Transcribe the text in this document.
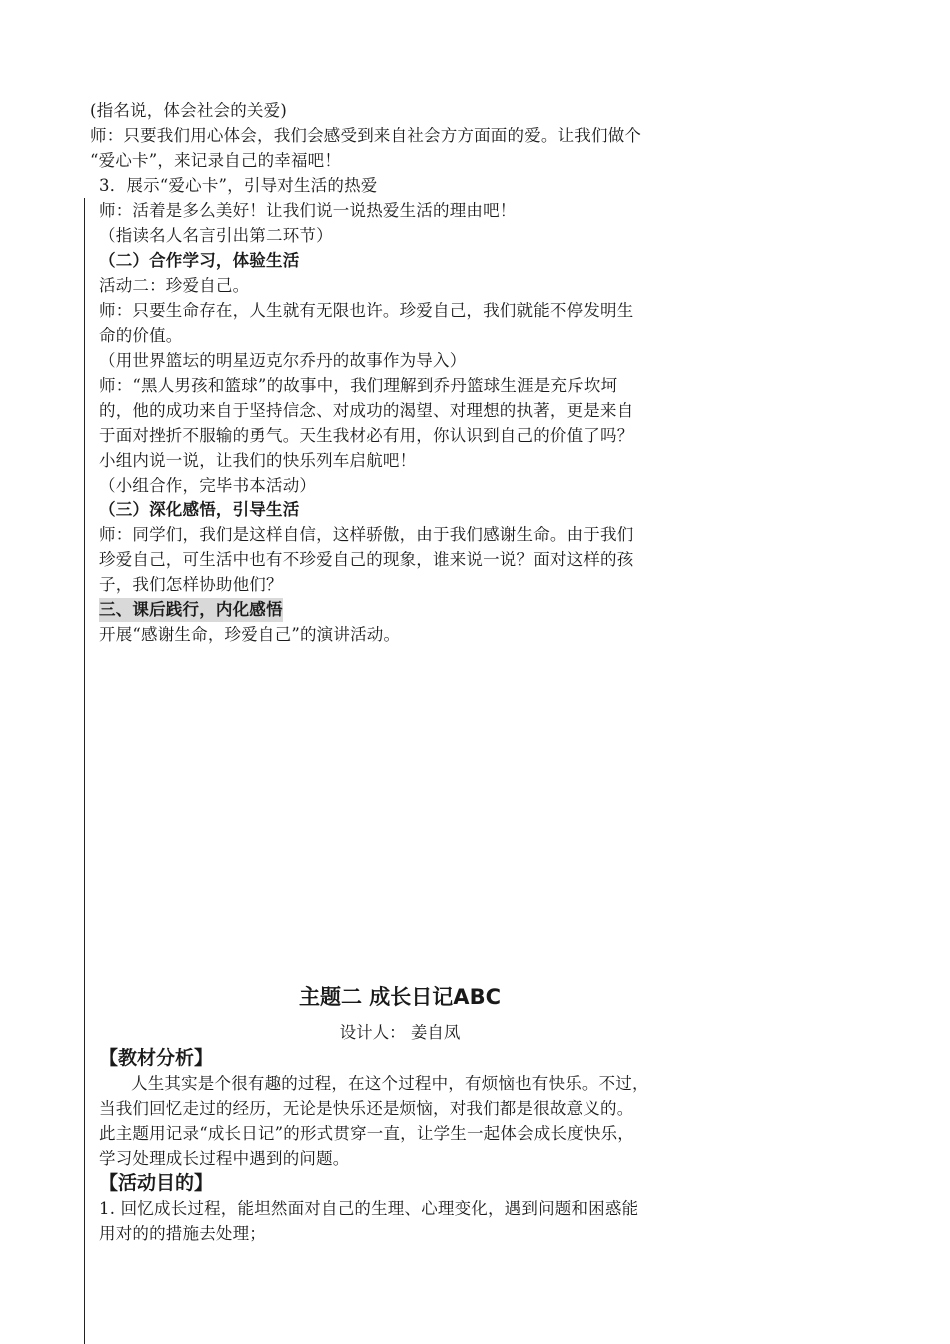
(指名说，体会社会的关爱)
师：只要我们用心体会，我们会感受到来自社会方方面面的爱。让我们做个
“爱心卡”，来记录自己的幸福吧！
3．展示“爱心卡”，引导对生活的热爱
师：活着是多么美好！让我们说一说热爱生活的理由吧！
（指读名人名言引出第二环节）
（二）合作学习，体验生活
活动二：珍爱自己。
师：只要生命存在，人生就有无限也许。珍爱自己，我们就能不停发明生
命的价值。
（用世界篮坛的明星迈克尔乔丹的故事作为导入）
师：“黑人男孩和篮球”的故事中，我们理解到乔丹篮球生涯是充斥坎坷
的，他的成功来自于坚持信念、对成功的渴望、对理想的执著，更是来自
于面对挫折不服输的勇气。天生我材必有用，你认识到自己的价值了吗？
小组内说一说，让我们的快乐列车启航吧！
（小组合作，完毕书本活动）
（三）深化感悟，引导生活
师：同学们，我们是这样自信，这样骄傲，由于我们感谢生命。由于我们
珍爱自己，可生活中也有不珍爱自己的现象，谁来说一说？面对这样的孩
子，我们怎样协助他们？
三、课后践行，内化感悟
开展“感谢生命，珍爱自己”的演讲活动。
主题二 成长日记ABC
设计人： 姜自凤
【教材分析】
人生其实是个很有趣的过程，在这个过程中，有烦恼也有快乐。不过，
当我们回忆走过的经历，无论是快乐还是烦恼，对我们都是很故意义的。
此主题用记录“成长日记”的形式贯穿一直，让学生一起体会成长度快乐，
学习处理成长过程中遇到的问题。
【活动目的】
1. 回忆成长过程，能坦然面对自己的生理、心理变化，遇到问题和困惑能
用对的的措施去处理；
